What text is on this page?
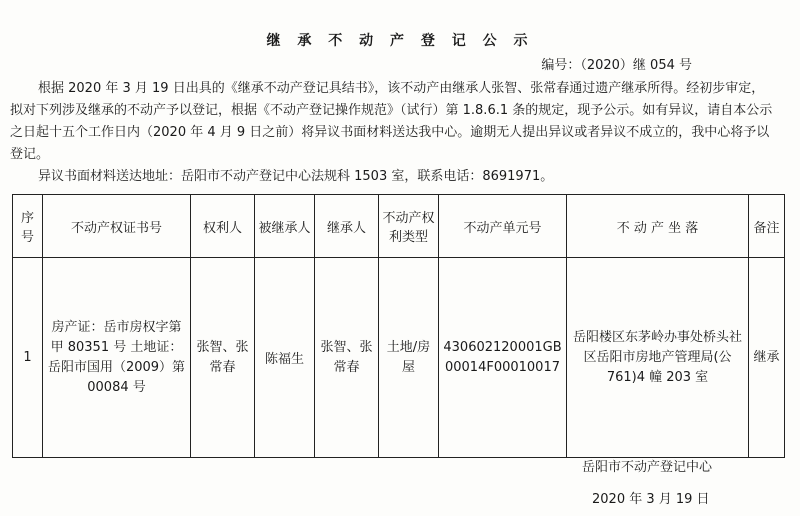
继 承 不 动 产 登 记 公 示
编号：（2020）继 054 号

根据 2020 年 3 月 19 日出具的《继承不动产登记具结书》，该不动产由继承人张智、张常春通过遗产继承所得。经初步审定， 拟对下列涉及继承的不动产予以登记，根据《不动产登记操作规范》（试行）第 1.8.6.1 条的规定，现予公示。如有异议，请自本公示之日起十五个工作日内（2020 年 4 月 9 日之前）将异议书面材料送达我中心。逾期无人提出异议或者异议不成立的，我中心将予以登记。

异议书面材料送达地址：岳阳市不动产登记中心法规科 1503 室，联系电话：8691971。

序号	不动产权证书号	权利人	被继承人	继承人	不动产权利类型	不动产单元号	不 动 产 坐 落	备注
1	房产证：岳市房权字第甲 80351 号 土地证：岳阳市国用（2009）第 00084 号	张智、张常春	陈福生	张智、张常春	土地/房屋	430602120001GB00014F00010017	岳阳楼区东茅岭办事处桥头社区岳阳市房地产管理局(公 761)4 幢 203 室	继承
岳阳市不动产登记中心
2020 年 3 月 19 日
